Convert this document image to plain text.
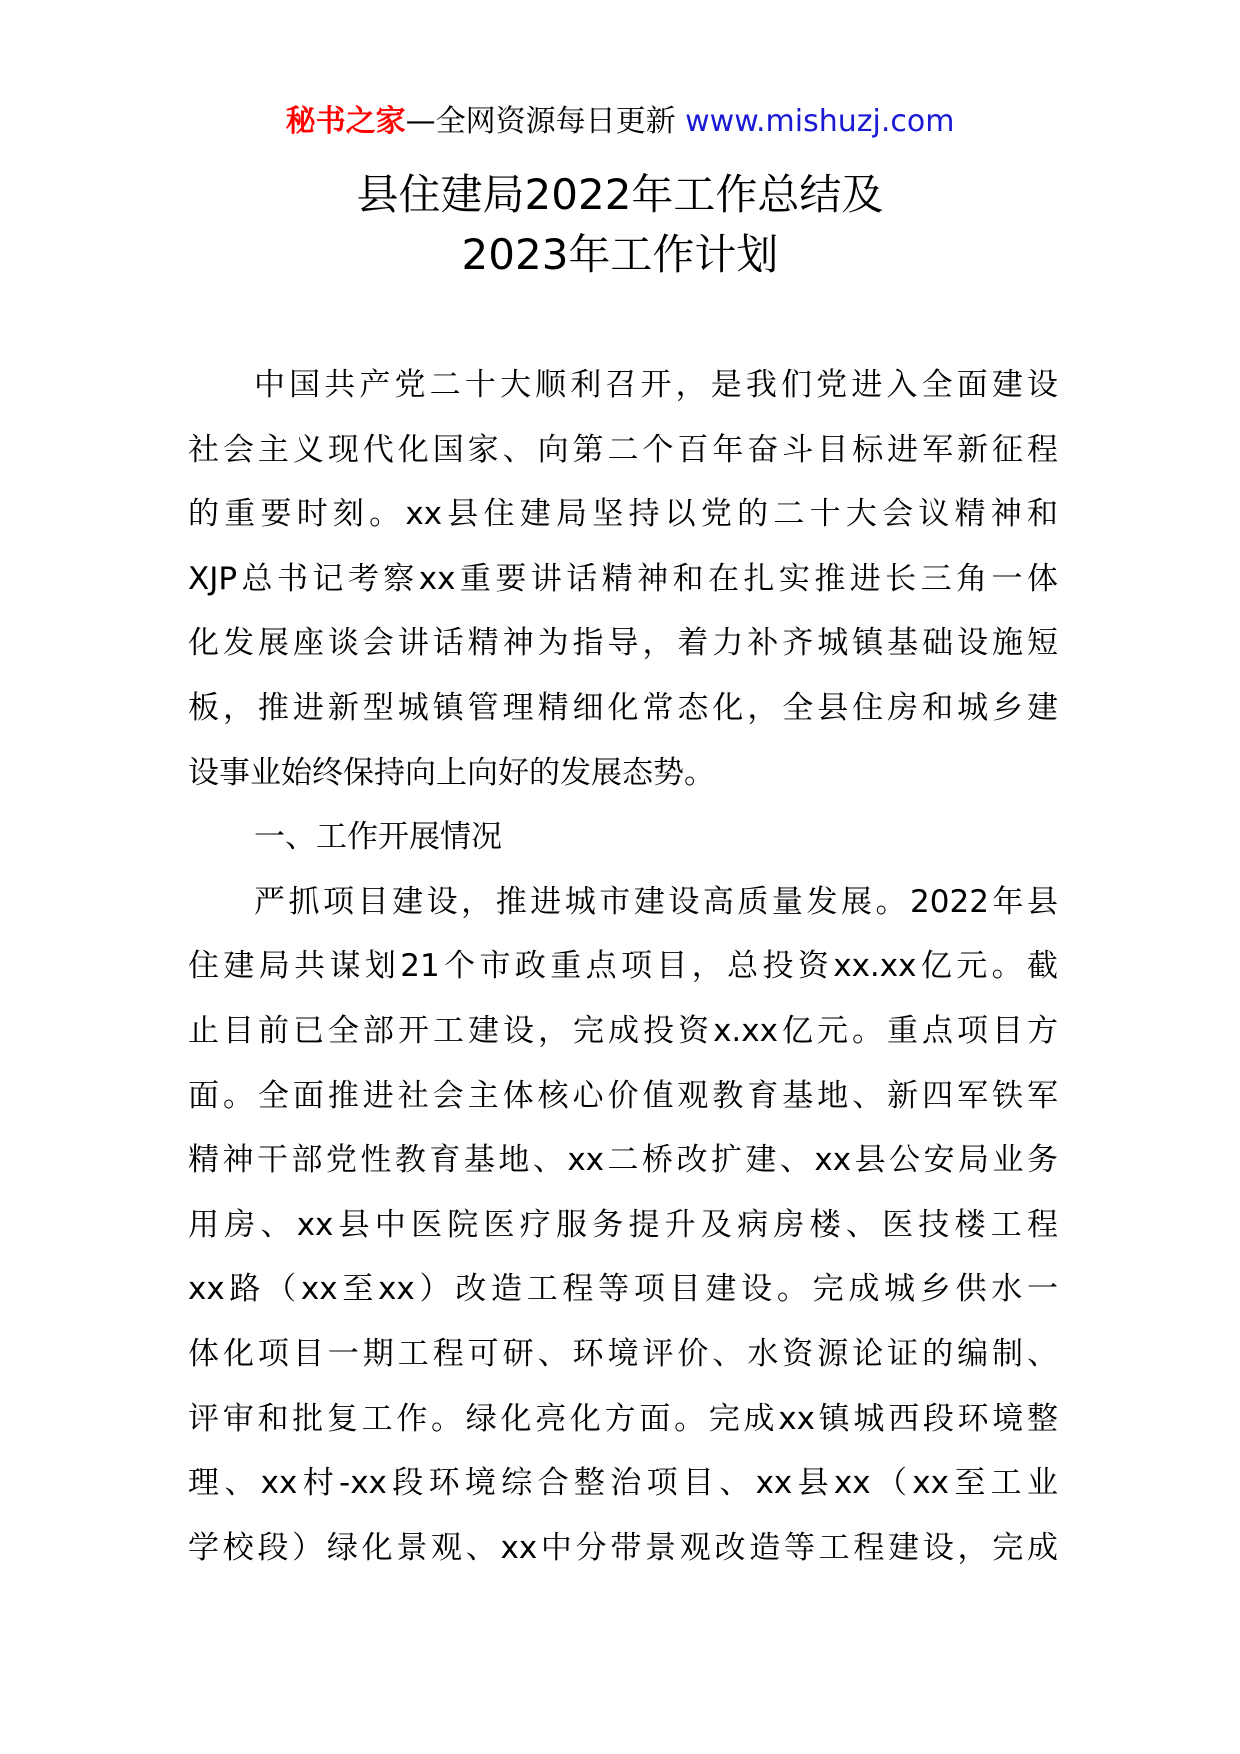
秘书之家—全网资源每日更新 www.mishuzj.com
县住建局2022年工作总结及
2023年工作计划
中国共产党二十大顺利召开，是我们党进入全面建设
社会主义现代化国家、向第二个百年奋斗目标进军新征程
的重要时刻。xx县住建局坚持以党的二十大会议精神和
XJP总书记考察xx重要讲话精神和在扎实推进长三角一体
化发展座谈会讲话精神为指导，着力补齐城镇基础设施短
板，推进新型城镇管理精细化常态化，全县住房和城乡建
设事业始终保持向上向好的发展态势。
一、工作开展情况
严抓项目建设，推进城市建设高质量发展。2022年县
住建局共谋划21个市政重点项目，总投资xx.xx亿元。截
止目前已全部开工建设，完成投资x.xx亿元。重点项目方
面。全面推进社会主体核心价值观教育基地、新四军铁军
精神干部党性教育基地、xx二桥改扩建、xx县公安局业务
用房、xx县中医院医疗服务提升及病房楼、医技楼工程
xx路（xx至xx）改造工程等项目建设。完成城乡供水一
体化项目一期工程可研、环境评价、水资源论证的编制、
评审和批复工作。绿化亮化方面。完成xx镇城西段环境整
理、xx村-xx段环境综合整治项目、xx县xx（xx至工业
学校段）绿化景观、xx中分带景观改造等工程建设，完成
